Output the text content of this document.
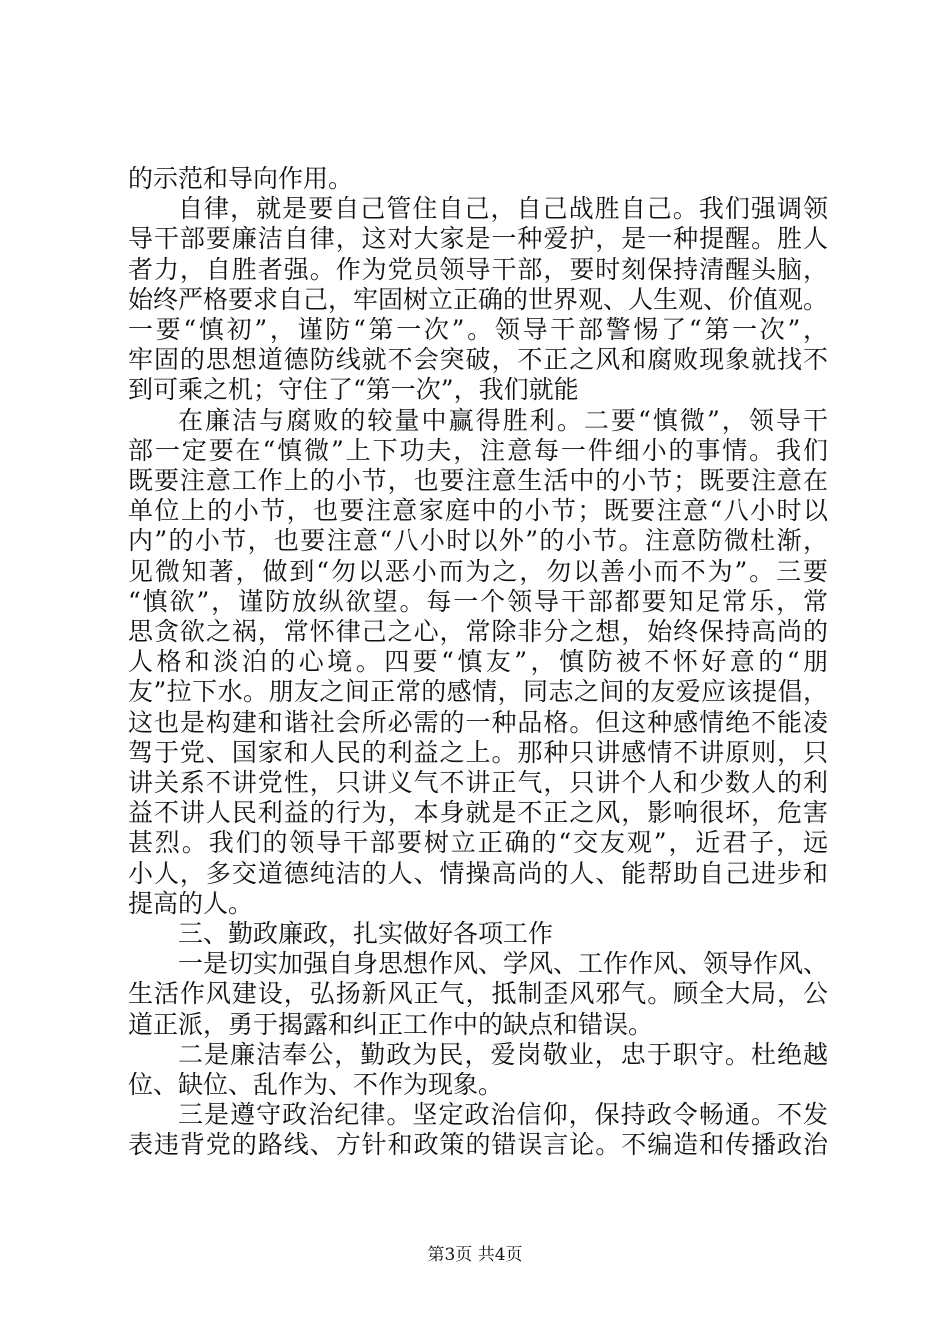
的示范和导向作用。
自律，就是要自己管住自己，自己战胜自己。我们强调领
导干部要廉洁自律，这对大家是一种爱护，是一种提醒。胜人
者力，自胜者强。作为党员领导干部，要时刻保持清醒头脑，
始终严格要求自己，牢固树立正确的世界观、人生观、价值观。
一要“慎初”，谨防“第一次”。领导干部警惕了“第一次”，
牢固的思想道德防线就不会突破，不正之风和腐败现象就找不
到可乘之机；守住了“第一次”，我们就能
在廉洁与腐败的较量中赢得胜利。二要“慎微”，领导干
部一定要在“慎微”上下功夫，注意每一件细小的事情。我们
既要注意工作上的小节，也要注意生活中的小节；既要注意在
单位上的小节，也要注意家庭中的小节；既要注意“八小时以
内”的小节，也要注意“八小时以外”的小节。注意防微杜渐，
见微知著，做到“勿以恶小而为之，勿以善小而不为”。三要
“慎欲”，谨防放纵欲望。每一个领导干部都要知足常乐，常
思贪欲之祸，常怀律己之心，常除非分之想，始终保持高尚的
人格和淡泊的心境。四要“慎友”，慎防被不怀好意的“朋
友”拉下水。朋友之间正常的感情，同志之间的友爱应该提倡，
这也是构建和谐社会所必需的一种品格。但这种感情绝不能凌
驾于党、国家和人民的利益之上。那种只讲感情不讲原则，只
讲关系不讲党性，只讲义气不讲正气，只讲个人和少数人的利
益不讲人民利益的行为，本身就是不正之风，影响很坏，危害
甚烈。我们的领导干部要树立正确的“交友观”，近君子，远
小人，多交道德纯洁的人、情操高尚的人、能帮助自己进步和
提高的人。
三、勤政廉政，扎实做好各项工作
一是切实加强自身思想作风、学风、工作作风、领导作风、
生活作风建设，弘扬新风正气，抵制歪风邪气。顾全大局，公
道正派，勇于揭露和纠正工作中的缺点和错误。
二是廉洁奉公，勤政为民，爱岗敬业，忠于职守。杜绝越
位、缺位、乱作为、不作为现象。
三是遵守政治纪律。坚定政治信仰，保持政令畅通。不发
表违背党的路线、方针和政策的错误言论。不编造和传播政治
第3页 共4页
